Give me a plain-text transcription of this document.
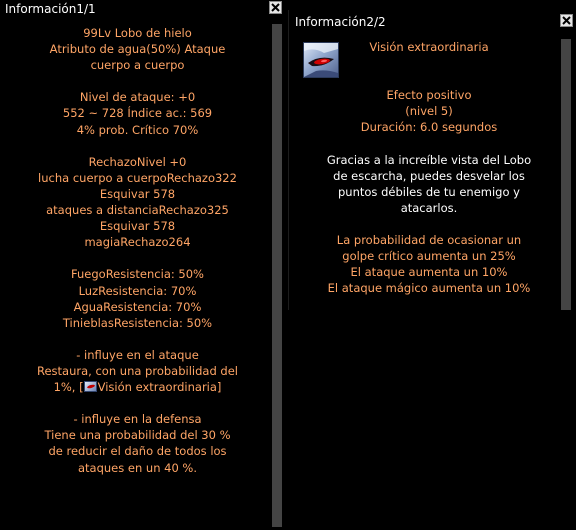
Información1/1
99Lv Lobo de hielo
Atributo de agua(50%) Ataque
cuerpo a cuerpo
Nivel de ataque: +0
552 ~ 728 Índice ac.: 569
4% prob. Crítico 70%
RechazoNivel +0
lucha cuerpo a cuerpoRechazo322
Esquivar 578
ataques a distanciaRechazo325
Esquivar 578
magiaRechazo264
FuegoResistencia: 50%
LuzResistencia: 70%
AguaResistencia: 70%
TinieblasResistencia: 50%
- influye en el ataque
Restaura, con una probabilidad del
1%, [ Visión extraordinaria]
- influye en la defensa
Tiene una probabilidad del 30 %
de reducir el daño de todos los
ataques en un 40 %.
Información2/2
Visión extraordinaria
Efecto positivo
(nivel 5)
Duración: 6.0 segundos
Gracias a la increíble vista del Lobo
de escarcha, puedes desvelar los
puntos débiles de tu enemigo y
atacarlos.
La probabilidad de ocasionar un
golpe crítico aumenta un 25%
El ataque aumenta un 10%
El ataque mágico aumenta un 10%
